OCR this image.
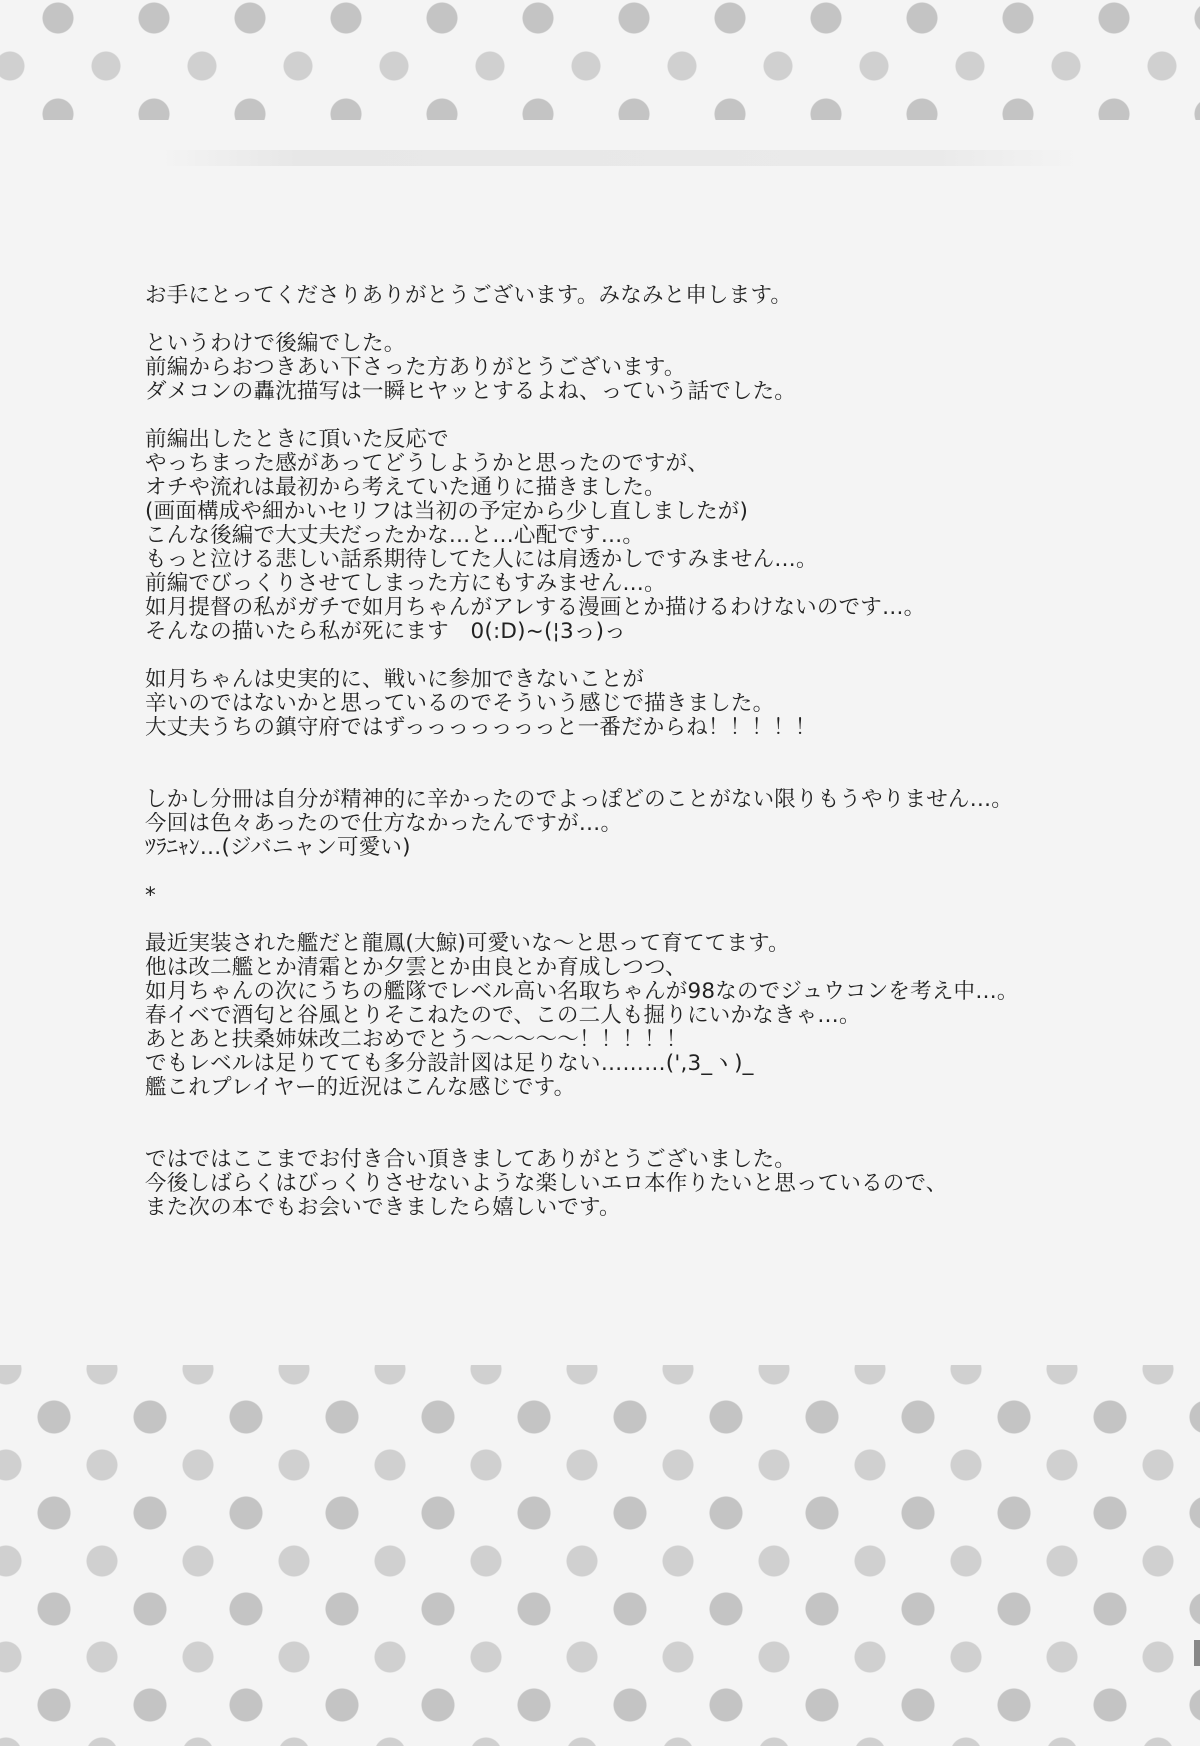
お手にとってくださりありがとうございます。みなみと申します。
というわけで後編でした。
前編からおつきあい下さった方ありがとうございます。
ダメコンの轟沈描写は一瞬ヒヤッとするよね、っていう話でした。
前編出したときに頂いた反応で
やっちまった感があってどうしようかと思ったのですが、
オチや流れは最初から考えていた通りに描きました。
(画面構成や細かいセリフは当初の予定から少し直しましたが)
こんな後編で大丈夫だったかな…と…心配です…。
もっと泣ける悲しい話系期待してた人には肩透かしですみません…。
前編でびっくりさせてしまった方にもすみません…。
如月提督の私がガチで如月ちゃんがアレする漫画とか描けるわけないのです…。
そんなの描いたら私が死にます　0(:D)~(¦3っ)っ
如月ちゃんは史実的に、戦いに参加できないことが
辛いのではないかと思っているのでそういう感じで描きました。
大丈夫うちの鎮守府ではずっっっっっっっと一番だからね！！！！！
しかし分冊は自分が精神的に辛かったのでよっぽどのことがない限りもうやりません…。
今回は色々あったので仕方なかったんですが…。
ﾂﾗﾆｬﾝ…(ジバニャン可愛い)
*
最近実装された艦だと龍鳳(大鯨)可愛いな～と思って育ててます。
他は改二艦とか清霜とか夕雲とか由良とか育成しつつ、
如月ちゃんの次にうちの艦隊でレベル高い名取ちゃんが98なのでジュウコンを考え中…。
春イベで酒匂と谷風とりそこねたので、この二人も掘りにいかなきゃ…。
あとあと扶桑姉妹改二おめでとう～～～～～！！！！！
でもレベルは足りてても多分設計図は足りない………(',3_ヽ)_
艦これプレイヤー的近況はこんな感じです。
ではではここまでお付き合い頂きましてありがとうございました。
今後しばらくはびっくりさせないような楽しいエロ本作りたいと思っているので、
また次の本でもお会いできましたら嬉しいです。
